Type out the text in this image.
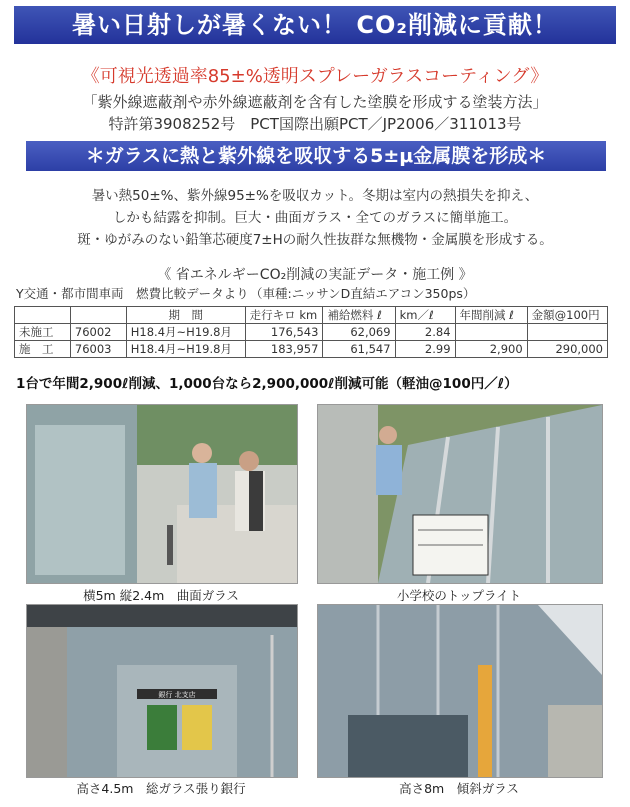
暑い日射しが暑くない！ CO₂削減に貢献！
《可視光透過率85±%透明スプレーガラスコーティング》
「紫外線遮蔽剤や赤外線遮蔽剤を含有した塗膜を形成する塗装方法」
特許第3908252号　PCT国際出願PCT／JP2006／311013号
＊ガラスに熱と紫外線を吸収する5±μ金属膜を形成＊
暑い熱50±%、紫外線95±%を吸収カット。冬期は室内の熱損失を抑え、
しかも結露を抑制。巨大・曲面ガラス・全てのガラスに簡単施工。
斑・ゆがみのない鉛筆芯硬度7±Hの耐久性抜群な無機物・金属膜を形成する。
《 省エネルギーCO₂削減の実証データ・施工例 》
Y交通・都市間車両　燃費比較データより （車種:ニッサンD直結エアコン350ps）
		期　間	走行キロ km	補給燃料 ℓ	km／ℓ	年間削減 ℓ	金額@100円
未施工	76002	H18.4月~H19.8月	176,543	62,069	2.84		
施　工	76003	H18.4月~H19.8月	183,957	61,547	2.99	2,900	290,000
1台で年間2,900ℓ削減、1,000台なら2,900,000ℓ削減可能（軽油@100円／ℓ）
横5m 縦2.4m　曲面ガラス	小学校のトップライト
銀行 北支店
高さ4.5m　総ガラス張り銀行	高さ8m　傾斜ガラス
